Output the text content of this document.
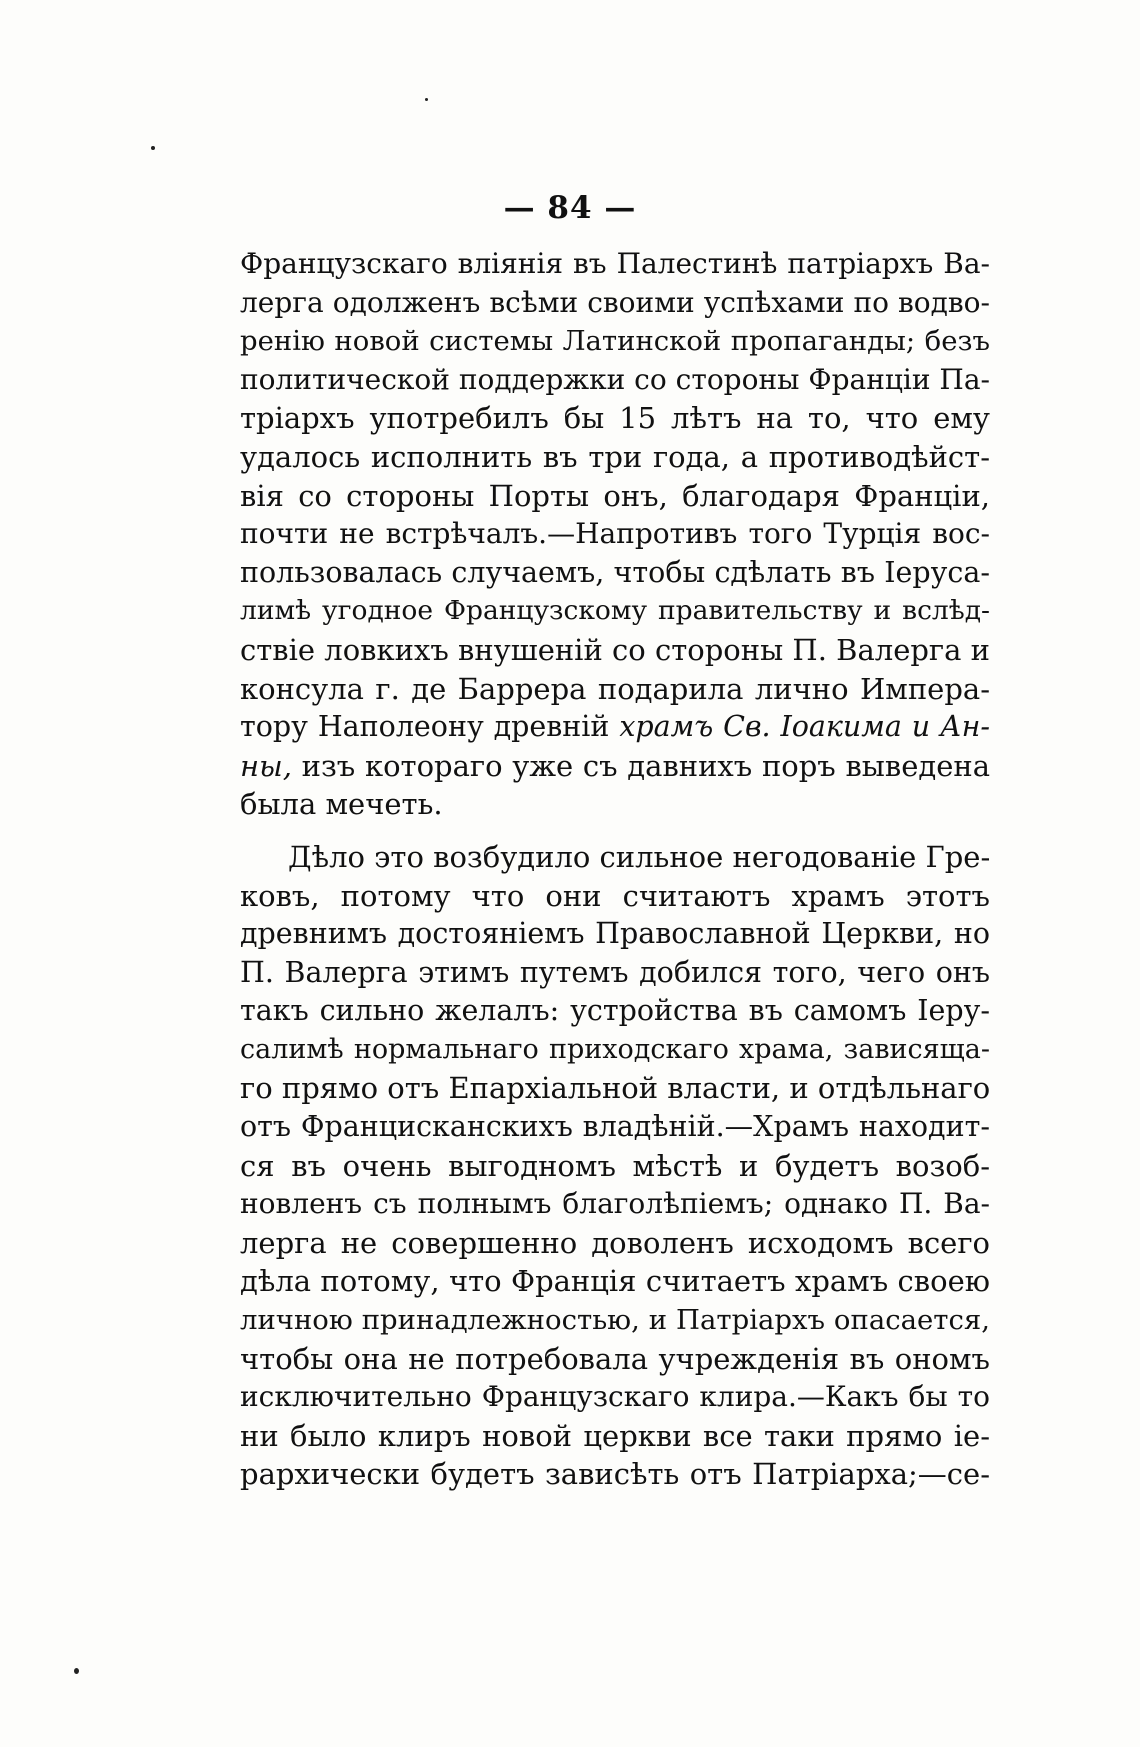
— 84 —
Французскаго вліянія въ Палестинѣ патріархъ Ва-
лерга одолженъ всѣми своими успѣхами по водво-
ренію новой системы Латинской пропаганды; безъ
политической поддержки со стороны Франціи Па-
тріархъ употребилъ бы 15 лѣтъ на то, что ему
удалось исполнить въ три года, а противодѣйст-
вія со стороны Порты онъ, благодаря Франціи,
почти не встрѣчалъ.—Напротивъ того Турція вос-
пользовалась случаемъ, чтобы сдѣлать въ Іеруса-
лимѣ угодное Французскому правительству и вслѣд-
ствіе ловкихъ внушеній со стороны П. Валерга и
консула г. де Баррера подарила лично Импера-
тору Наполеону древній храмъ Св. Іоакима и Ан-
ны, изъ котораго уже съ давнихъ поръ выведена
была мечеть.
Дѣло это возбудило сильное негодованіе Гре-
ковъ, потому что они считаютъ храмъ этотъ
древнимъ достояніемъ Православной Церкви, но
П. Валерга этимъ путемъ добился того, чего онъ
такъ сильно желалъ: устройства въ самомъ Іеру-
салимѣ нормальнаго приходскаго храма, зависяща-
го прямо отъ Епархіальной власти, и отдѣльнаго
отъ Францисканскихъ владѣній.—Храмъ находит-
ся въ очень выгодномъ мѣстѣ и будетъ возоб-
новленъ съ полнымъ благолѣпіемъ; однако П. Ва-
лерга не совершенно доволенъ исходомъ всего
дѣла потому, что Франція считаетъ храмъ своею
личною принадлежностью, и Патріархъ опасается,
чтобы она не потребовала учрежденія въ ономъ
исключительно Французскаго клира.—Какъ бы то
ни было клиръ новой церкви все таки прямо іе-
рархически будетъ зависѣть отъ Патріарха;—се-
